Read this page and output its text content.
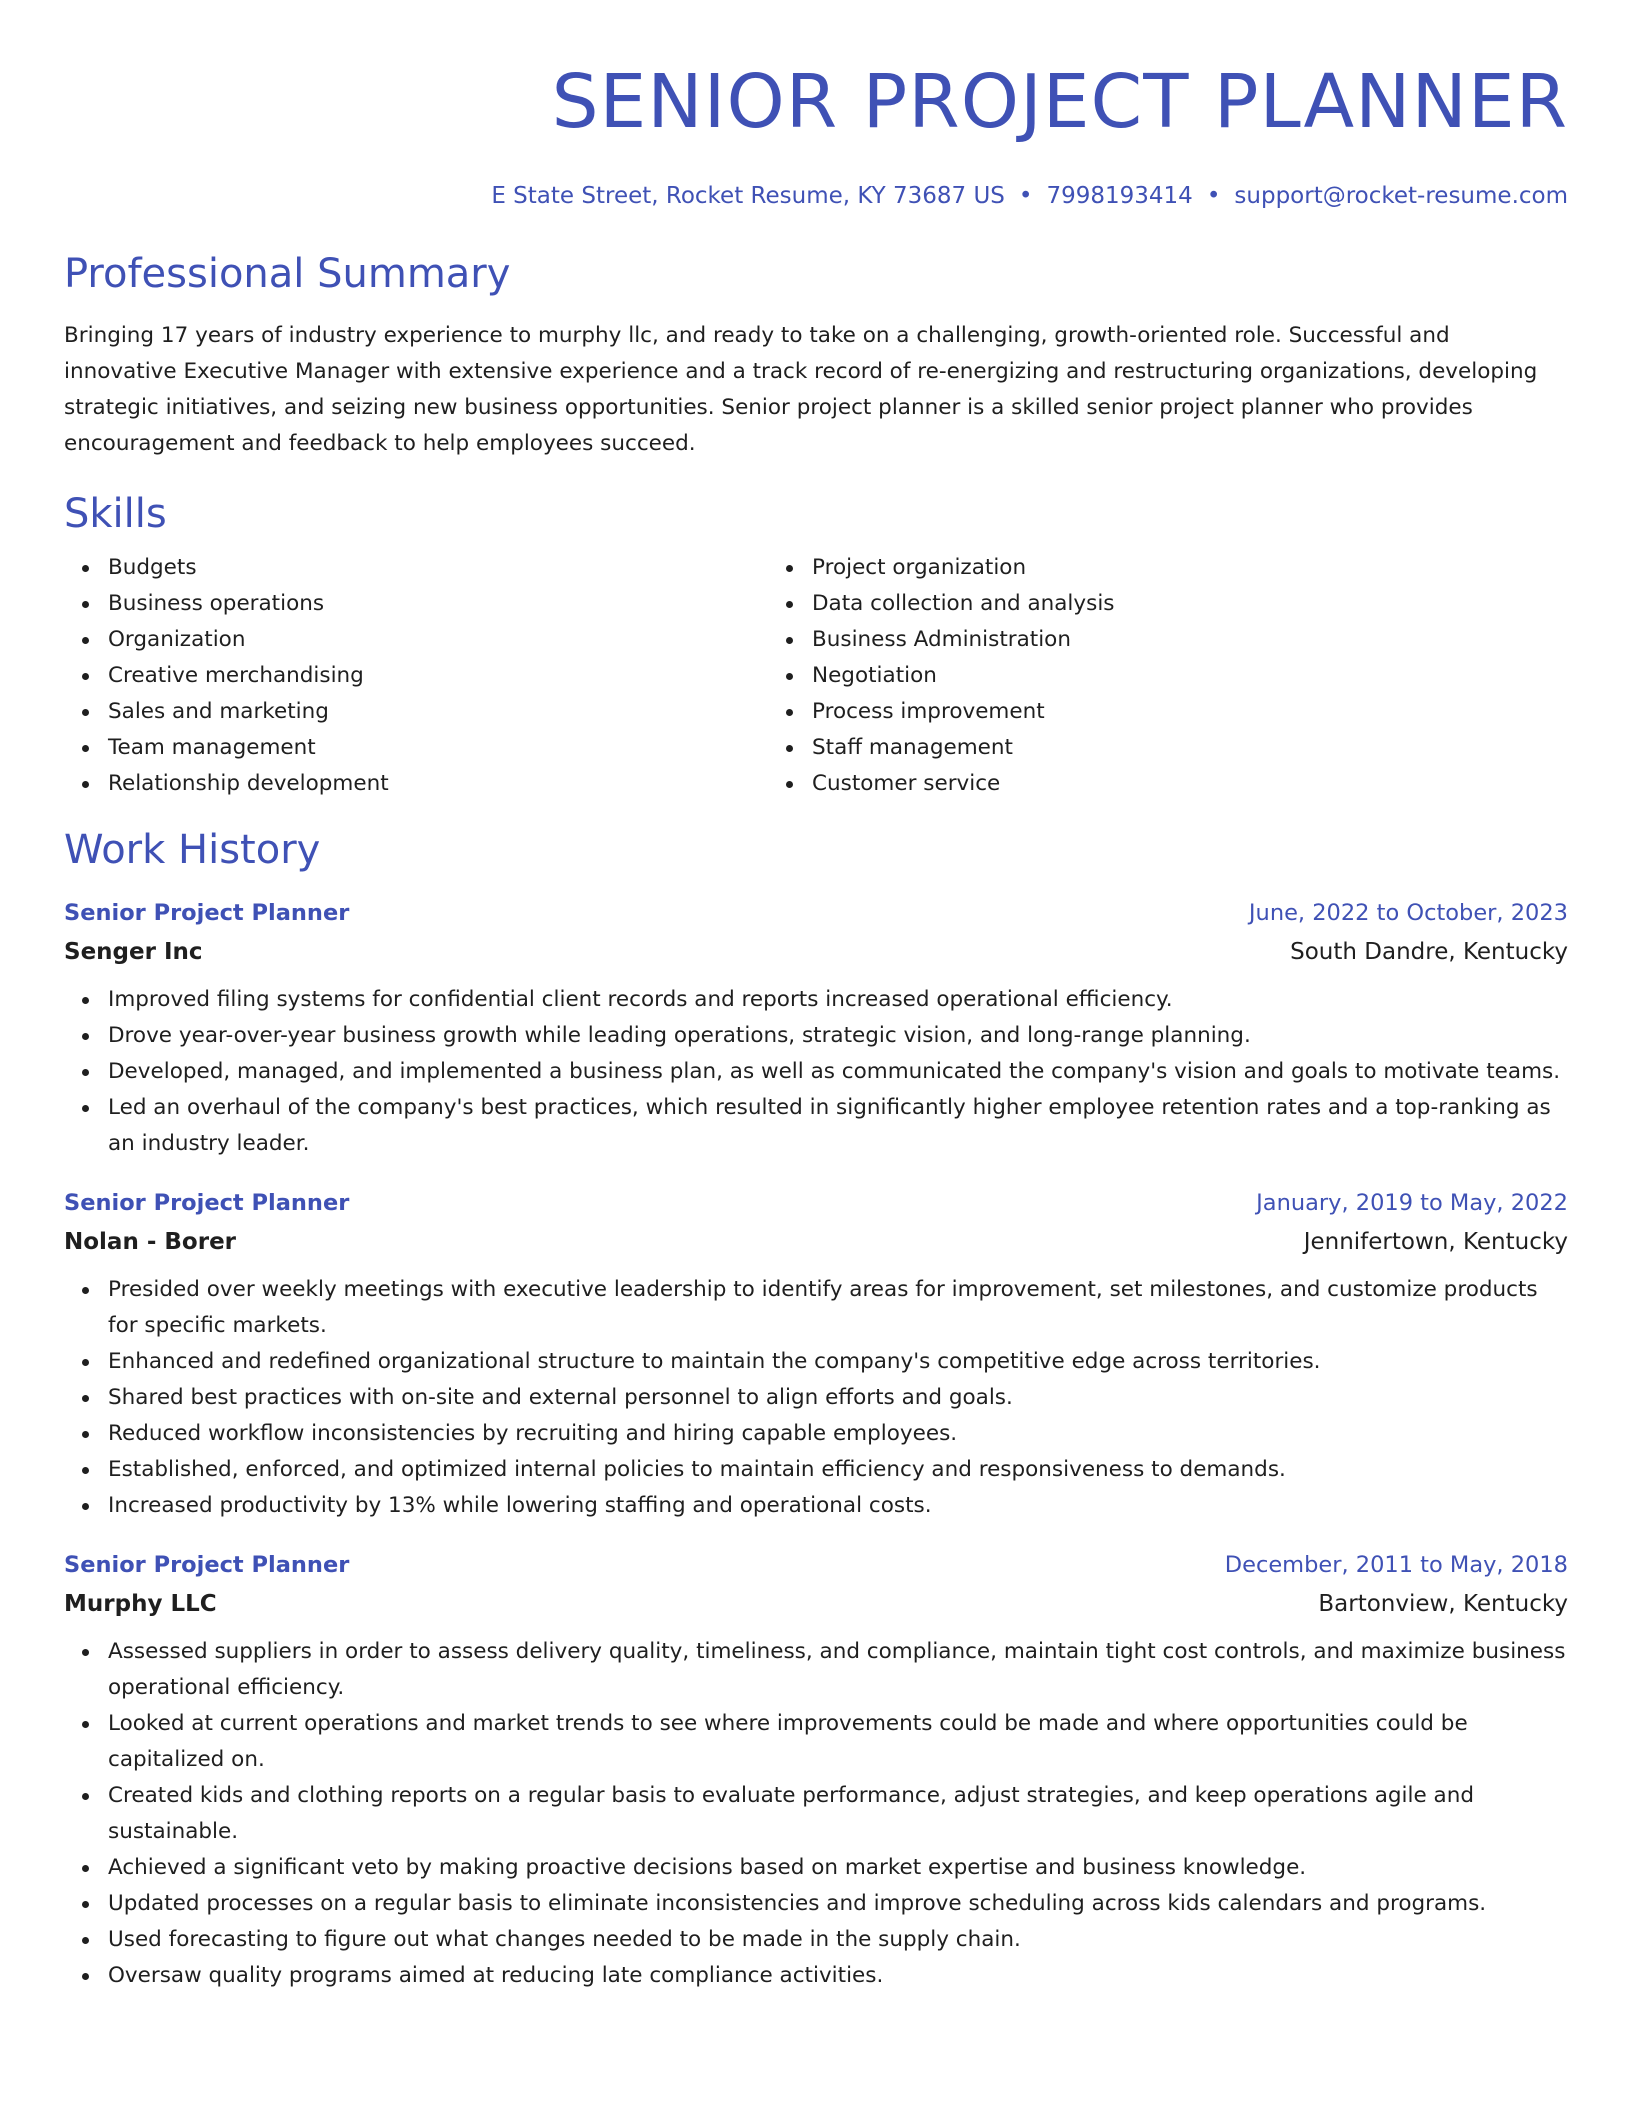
SENIOR PROJECT PLANNER
E State Street, Rocket Resume, KY 73687 US • 7998193414 • support@rocket-resume.com
Professional Summary

Bringing 17 years of industry experience to murphy llc, and ready to take on a challenging, growth-oriented role. Successful and innovative Executive Manager with extensive experience and a track record of re-energizing and restructuring organizations, developing strategic initiatives, and seizing new business opportunities. Senior project planner is a skilled senior project planner who provides encouragement and feedback to help employees succeed.

Skills
Budgets
Business operations
Organization
Creative merchandising
Sales and marketing
Team management
Relationship development
Project organization
Data collection and analysis
Business Administration
Negotiation
Process improvement
Staff management
Customer service
Work History
Senior Project Planner	June, 2022 to October, 2023
Senger Inc	South Dandre, Kentucky
Improved filing systems for confidential client records and reports increased operational efficiency.
Drove year-over-year business growth while leading operations, strategic vision, and long-range planning.
Developed, managed, and implemented a business plan, as well as communicated the company's vision and goals to motivate teams.
Led an overhaul of the company's best practices, which resulted in significantly higher employee retention rates and a top-ranking as an industry leader.
Senior Project Planner	January, 2019 to May, 2022
Nolan - Borer	Jennifertown, Kentucky
Presided over weekly meetings with executive leadership to identify areas for improvement, set milestones, and customize products for specific markets.
Enhanced and redefined organizational structure to maintain the company's competitive edge across territories.
Shared best practices with on-site and external personnel to align efforts and goals.
Reduced workflow inconsistencies by recruiting and hiring capable employees.
Established, enforced, and optimized internal policies to maintain efficiency and responsiveness to demands.
Increased productivity by 13% while lowering staffing and operational costs.
Senior Project Planner	December, 2011 to May, 2018
Murphy LLC	Bartonview, Kentucky
Assessed suppliers in order to assess delivery quality, timeliness, and compliance, maintain tight cost controls, and maximize business operational efficiency.
Looked at current operations and market trends to see where improvements could be made and where opportunities could be capitalized on.
Created kids and clothing reports on a regular basis to evaluate performance, adjust strategies, and keep operations agile and sustainable.
Achieved a significant veto by making proactive decisions based on market expertise and business knowledge.
Updated processes on a regular basis to eliminate inconsistencies and improve scheduling across kids calendars and programs.
Used forecasting to figure out what changes needed to be made in the supply chain.
Oversaw quality programs aimed at reducing late compliance activities.
